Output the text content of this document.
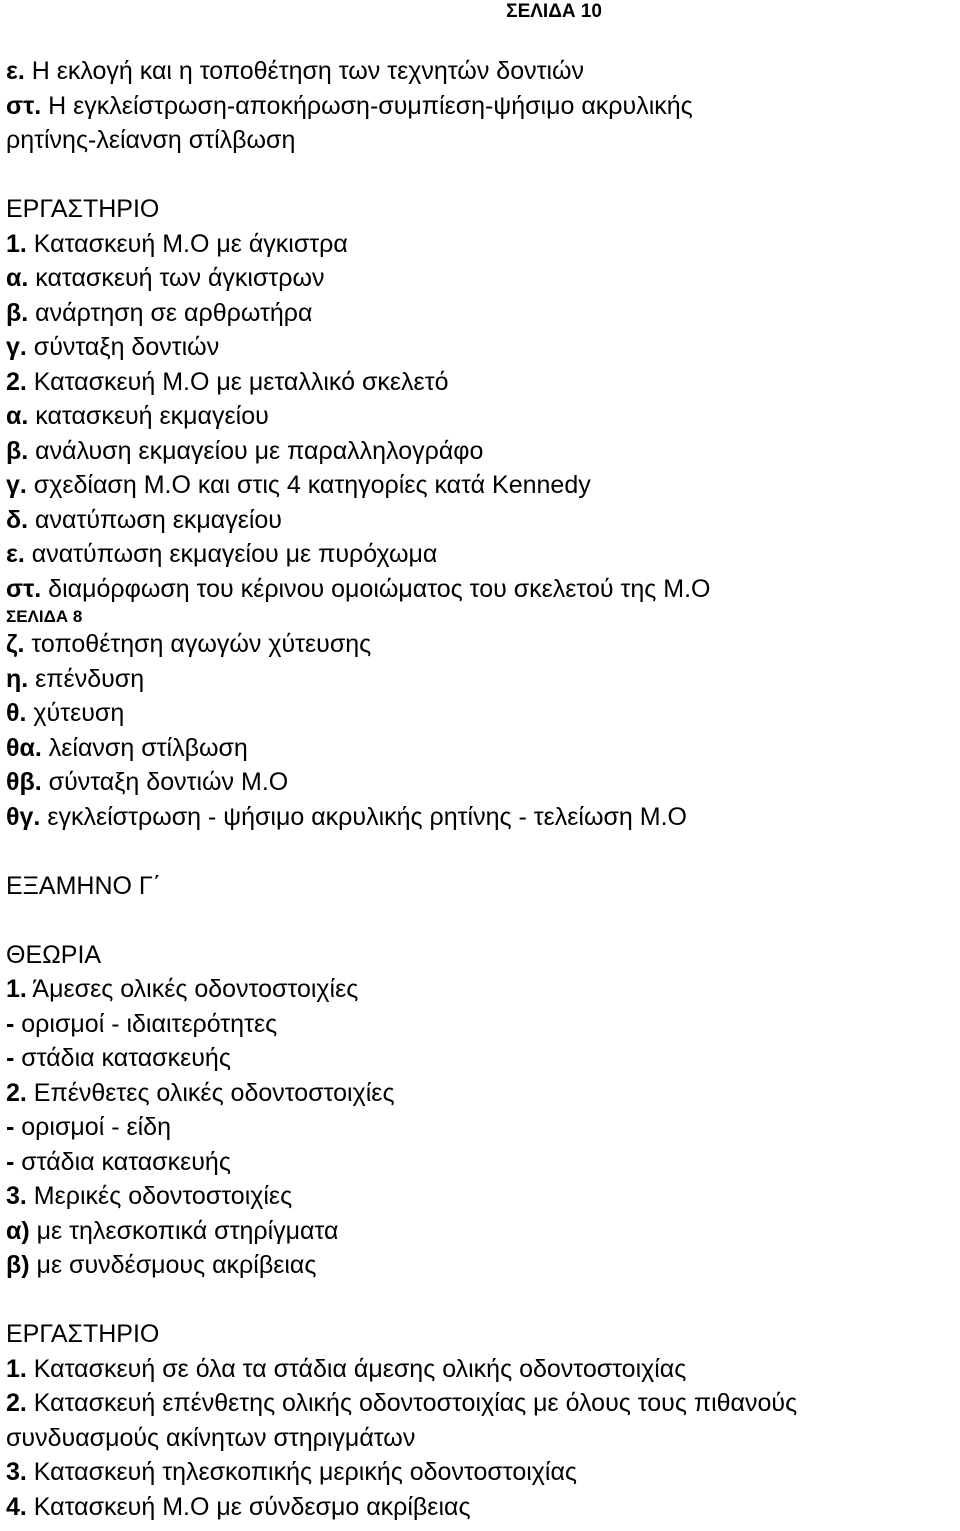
ΣΕΛΙΔΑ 10

ε. Η εκλογή και η τοποθέτηση των τεχνητών δοντιών

στ. Η εγκλείστρωση-αποκήρωση-συμπίεση-ψήσιμο ακρυλικής

ρητίνης-λείανση στίλβωση

ΕΡΓΑΣΤΗΡΙΟ

1. Κατασκευή Μ.Ο με άγκιστρα

α. κατασκευή των άγκιστρων

β. ανάρτηση σε αρθρωτήρα

γ. σύνταξη δοντιών

2. Κατασκευή Μ.Ο με μεταλλικό σκελετό

α. κατασκευή εκμαγείου

β. ανάλυση εκμαγείου με παραλληλογράφο

γ. σχεδίαση Μ.Ο και στις 4 κατηγορίες κατά Kennedy

δ. ανατύπωση εκμαγείου

ε. ανατύπωση εκμαγείου με πυρόχωμα

στ. διαμόρφωση του κέρινου ομοιώματος του σκελετού της Μ.Ο

ΣΕΛΙΔΑ 8

ζ. τοποθέτηση αγωγών χύτευσης

η. επένδυση

θ. χύτευση

θα. λείανση στίλβωση

θβ. σύνταξη δοντιών Μ.Ο

θγ. εγκλείστρωση - ψήσιμο ακρυλικής ρητίνης - τελείωση Μ.Ο

ΕΞΑΜΗΝΟ Γ΄

ΘΕΩΡΙΑ

1. Άμεσες ολικές οδοντοστοιχίες

- ορισμοί - ιδιαιτερότητες

- στάδια κατασκευής

2. Επένθετες ολικές οδοντοστοιχίες

- ορισμοί - είδη

- στάδια κατασκευής

3. Μερικές οδοντοστοιχίες

α) με τηλεσκοπικά στηρίγματα

β) με συνδέσμους ακρίβειας

ΕΡΓΑΣΤΗΡΙΟ

1. Κατασκευή σε όλα τα στάδια άμεσης ολικής οδοντοστοιχίας

2. Κατασκευή επένθετης ολικής οδοντοστοιχίας με όλους τους πιθανούς

συνδυασμούς ακίνητων στηριγμάτων

3. Κατασκευή τηλεσκοπικής μερικής οδοντοστοιχίας

4. Κατασκευή Μ.Ο με σύνδεσμο ακρίβειας
